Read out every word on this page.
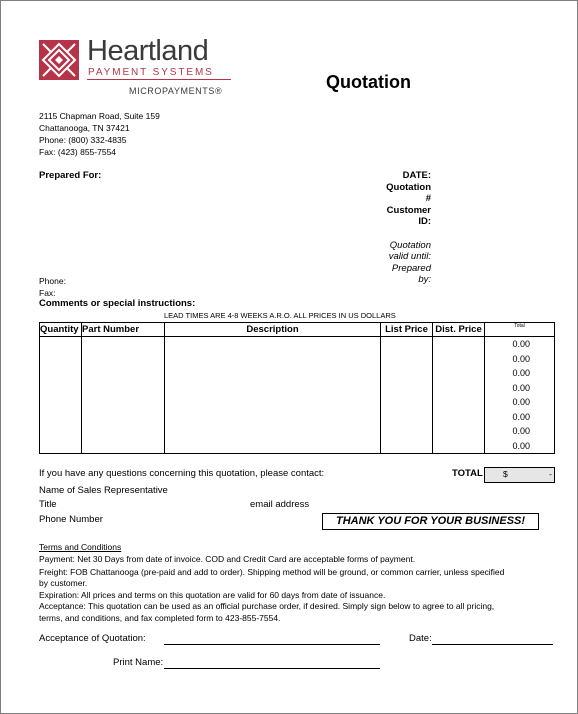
Heartland
PAYMENT SYSTEMS
MICROPAYMENTS®	Quotation
2115 Chapman Road, Suite 159
Chattanooga, TN 37421
Phone: (800) 332-4835
Fax: (423) 855-7554
Prepared For:	DATE:
Quotation
#
Customer
ID:
Quotation
valid until:
Prepared
by:
Phone:
Fax:
Comments or special instructions:
LEAD TIMES ARE 4-8 WEEKS A.R.O. ALL PRICES IN US DOLLARS
Quantity	Part Number	Description	List Price	Dist. Price	Total
					0.00
					0.00
					0.00
					0.00
					0.00
					0.00
					0.00
					0.00
If you have any questions concerning this quotation, please contact:	TOTAL $	-
Name of Sales Representative
Title	email address
Phone Number	THANK YOU FOR YOUR BUSINESS!
Terms and Conditions
Payment: Net 30 Days from date of invoice. COD and Credit Card are acceptable forms of payment.
Freight: FOB Chattanooga (pre-paid and add to order). Shipping method will be ground, or common carrier, unless specified
by customer.
Expiration: All prices and terms on this quotation are valid for 60 days from date of issuance.
Acceptance: This quotation can be used as an official purchase order, if desired. Simply sign below to agree to all pricing,
terms, and conditions, and fax completed form to 423-855-7554.
Acceptance of Quotation:	Date:
Print Name:
